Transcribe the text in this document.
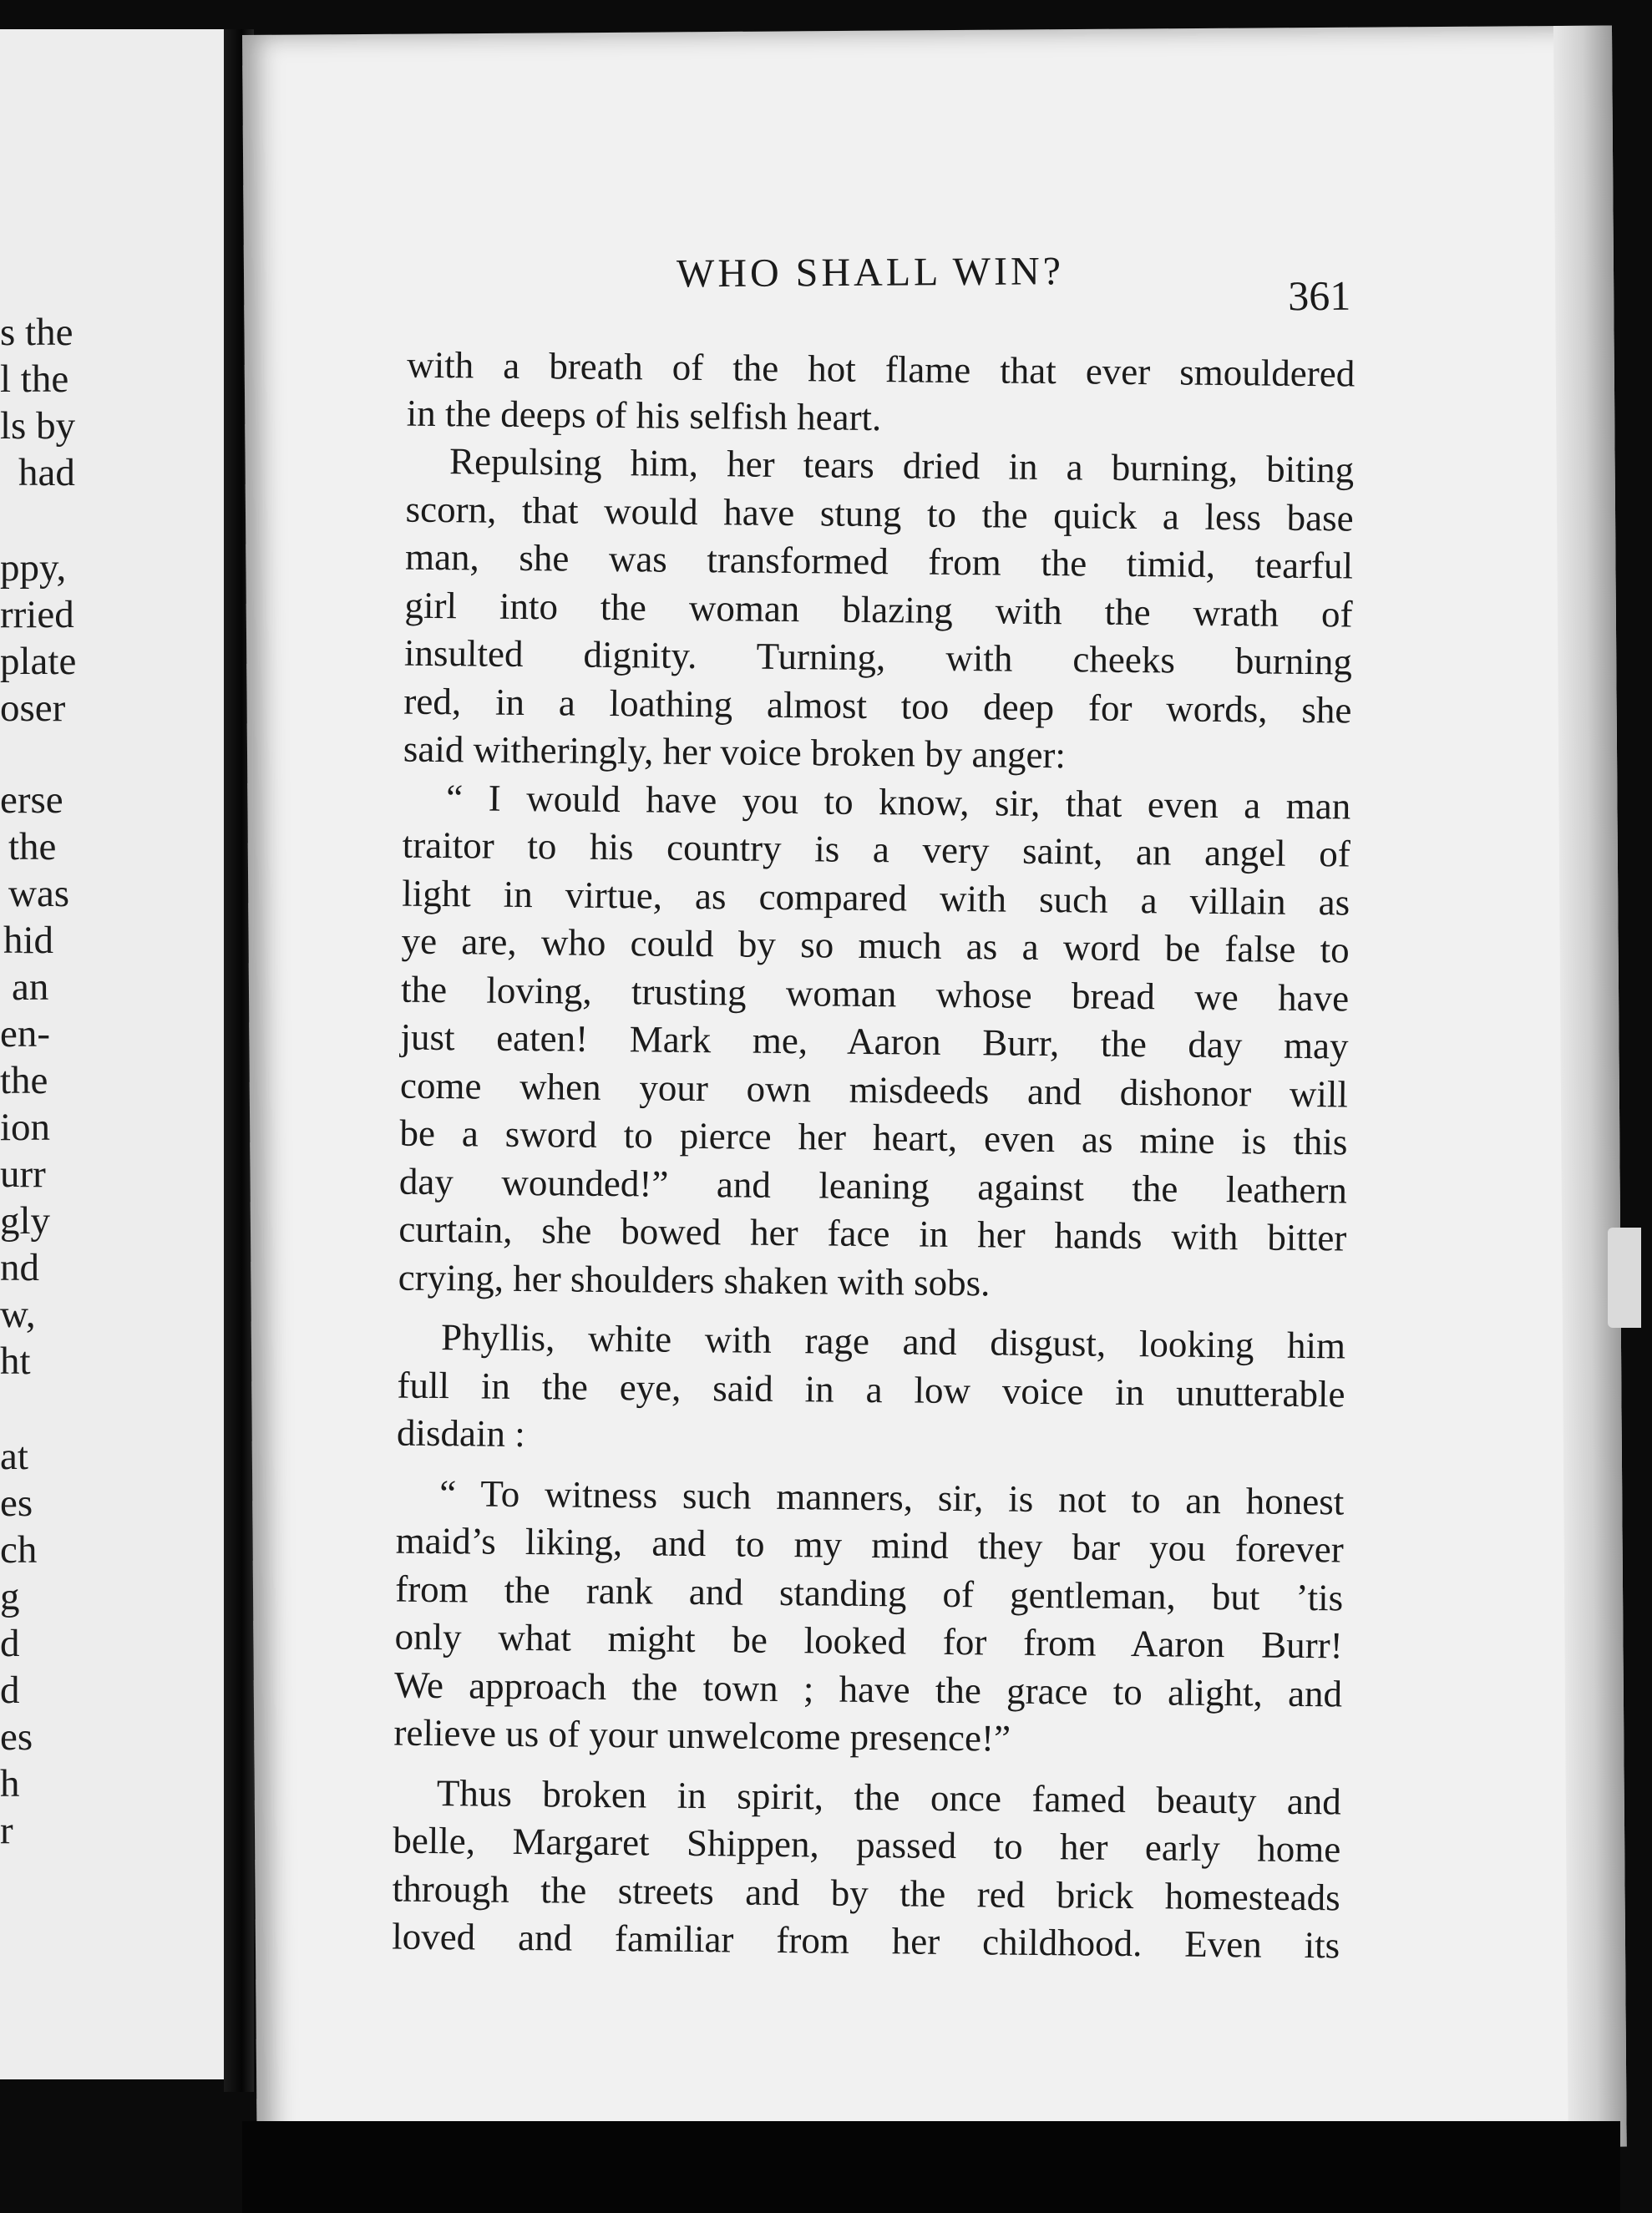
s the
l the
ls by
had
ppy,
rried
plate
oser
erse
the
was
hid
an
en-
the
ion
urr
gly
nd
w,
ht
at
es
ch
g
d
d
es
h
r
WHO SHALL WIN?	361
with a breath of the hot flame that ever smouldered
in the deeps of his selfish heart.
Repulsing him, her tears dried in a burning, biting
scorn, that would have stung to the quick a less base
man, she was transformed from the timid, tearful
girl into the woman blazing with the wrath of
insulted dignity. Turning, with cheeks burning
red, in a loathing almost too deep for words, she
said witheringly, her voice broken by anger:
“ I would have you to know, sir, that even a man
traitor to his country is a very saint, an angel of
light in virtue, as compared with such a villain as
ye are, who could by so much as a word be false to
the loving, trusting woman whose bread we have
just eaten! Mark me, Aaron Burr, the day may
come when your own misdeeds and dishonor will
be a sword to pierce her heart, even as mine is this
day wounded!” and leaning against the leathern
curtain, she bowed her face in her hands with bitter
crying, her shoulders shaken with sobs.
Phyllis, white with rage and disgust, looking him
full in the eye, said in a low voice in unutterable
disdain :
“ To witness such manners, sir, is not to an honest
maid’s liking, and to my mind they bar you forever
from the rank and standing of gentleman, but ’tis
only what might be looked for from Aaron Burr!
We approach the town ; have the grace to alight, and
relieve us of your unwelcome presence!”
Thus broken in spirit, the once famed beauty and
belle, Margaret Shippen, passed to her early home
through the streets and by the red brick homesteads
loved and familiar from her childhood. Even its
